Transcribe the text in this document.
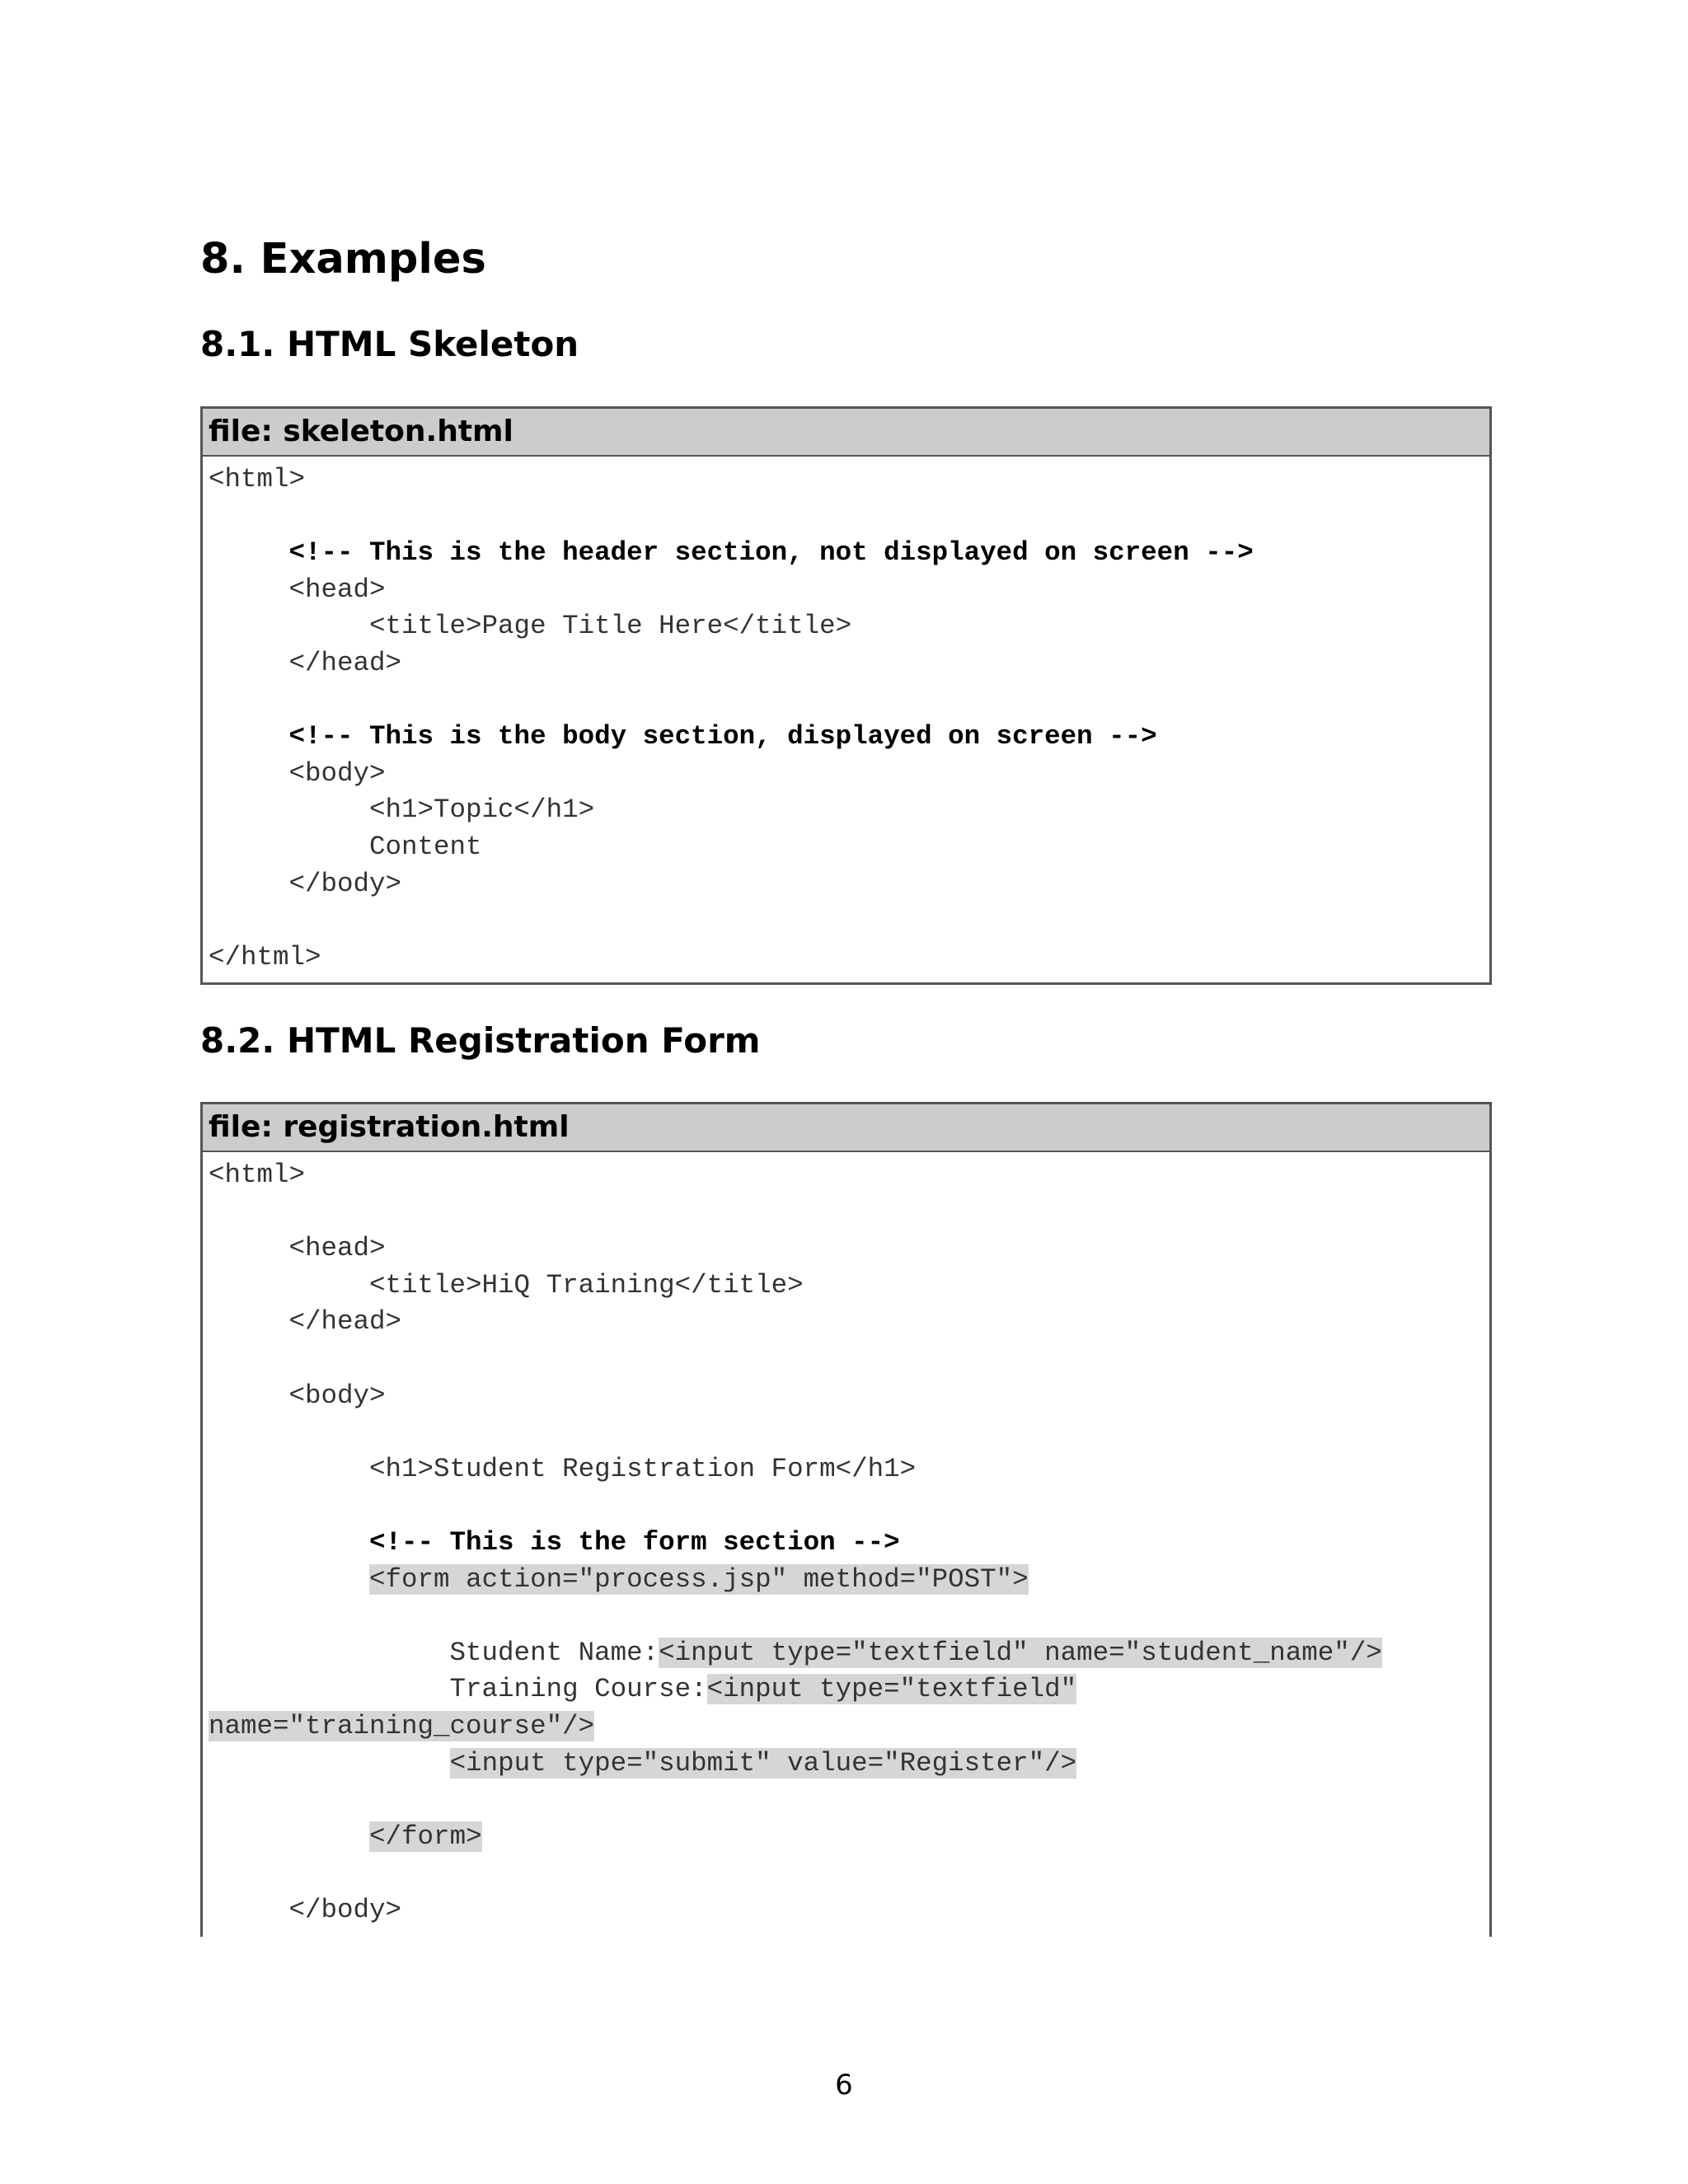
8. Examples
8.1. HTML Skeleton
file: skeleton.html
<html>
<!-- This is the header section, not displayed on screen -->
<head>
<title>Page Title Here</title>
</head>
<!-- This is the body section, displayed on screen -->
<body>
<h1>Topic</h1>
Content
</body>
</html>
8.2. HTML Registration Form
file: registration.html
<html>
<head>
<title>HiQ Training</title>
</head>
<body>
<h1>Student Registration Form</h1>
<!-- This is the form section -->
<form action="process.jsp" method="POST">
Student Name:<input type="textfield" name="student_name"/>
Training Course:<input type="textfield"
name="training_course"/>
<input type="submit" value="Register"/>
</form>
</body>
6
